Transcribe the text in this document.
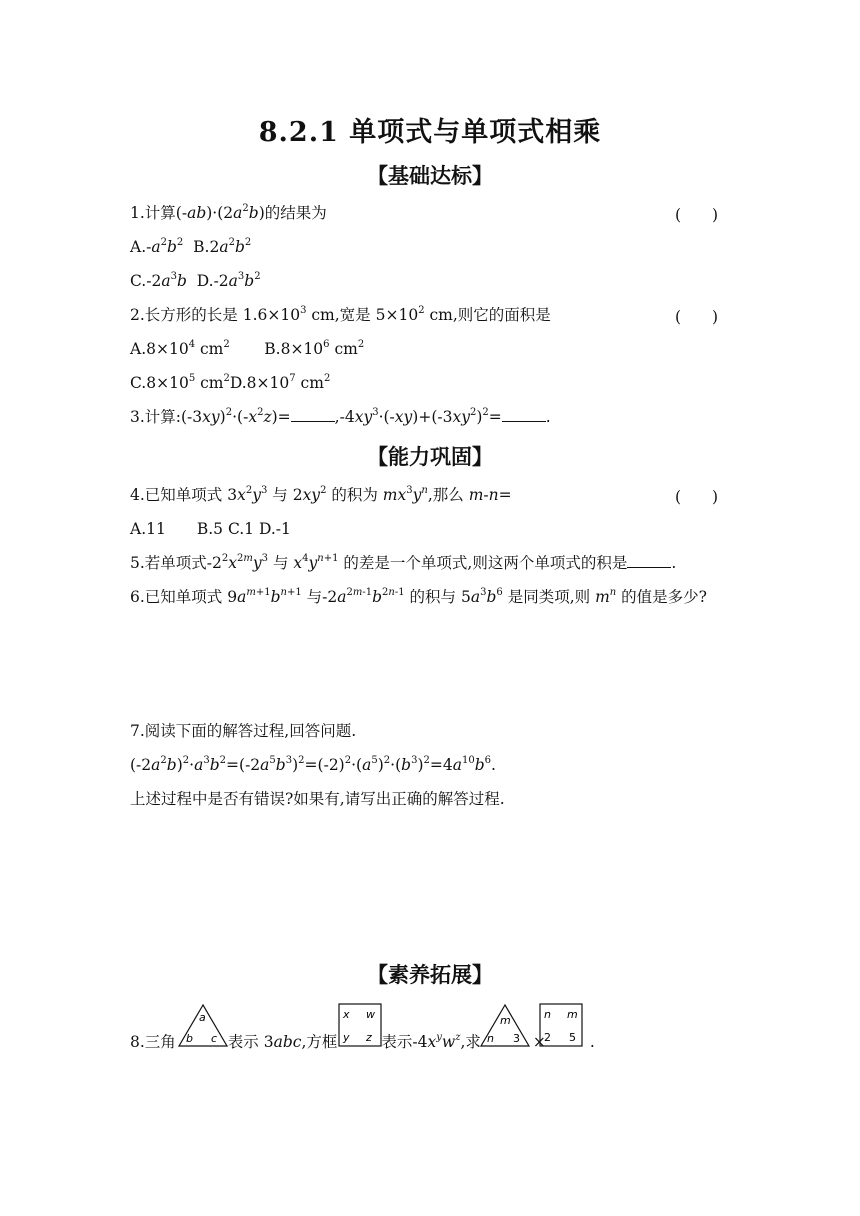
8.2.1 单项式与单项式相乘
【基础达标】
1.计算$(-ab)\cdot(2a^2b)$的结果为	(　　)
$A.-a^2b^2$ $B.2a^2b^2$
$C.-2a^3b$ $D.-2a^3b^2$
2.长方形的长是 $1.6\times 10^3$ cm,宽是 $5\times 10^2$ cm,则它的面积是	(　　)
$A.8\times 10^4$ $cm^2$ $B.8\times 10^6$ $cm^2$
$C.8\times 10^5$ $cm^2D.8\times 10^7$ $cm^2$
3.计算$:(-3xy)^2\cdot(-x^2z)=$	$,-4xy^3\cdot(-xy)+(-3xy^2)^2=$	.
【能力巩固】
4.已知单项式 $3x^2y^3$ 与 $2xy^2$ 的积为 $mx^3y^n$,那么 m-n=	(　　)
A.11　　B.5 C.1 D.-1
5.若单项式$-2^2x^{2m}y^3$ 与 $x^4y^{n+1}$ 的差是一个单项式,则这两个单项式的积是	.
6.已知单项式 $9a^{m+1}b^{n+1}$ 与$-2a^{2m-1}b^{2n-1}$ 的积与 $5a^3b^6$ 是同类项,则 $m^n$ 的值是多少?
7.阅读下面的解答过程,回答问题.
$(-2a^2b)^2\cdot a^3b^2=(-2a^5b^3)^2=(-2)^2\cdot(a^5)^2\cdot(b^3)^2=4a^{10}b^6$.
上述过程中是否有错误?如果有,请写出正确的解答过程.
【素养拓展】
8.三角	表示 3abc,方框	表示$-4x^yw^z$,求	×	.
a
b c
x w
y z
m
n 3
n m
2 5
